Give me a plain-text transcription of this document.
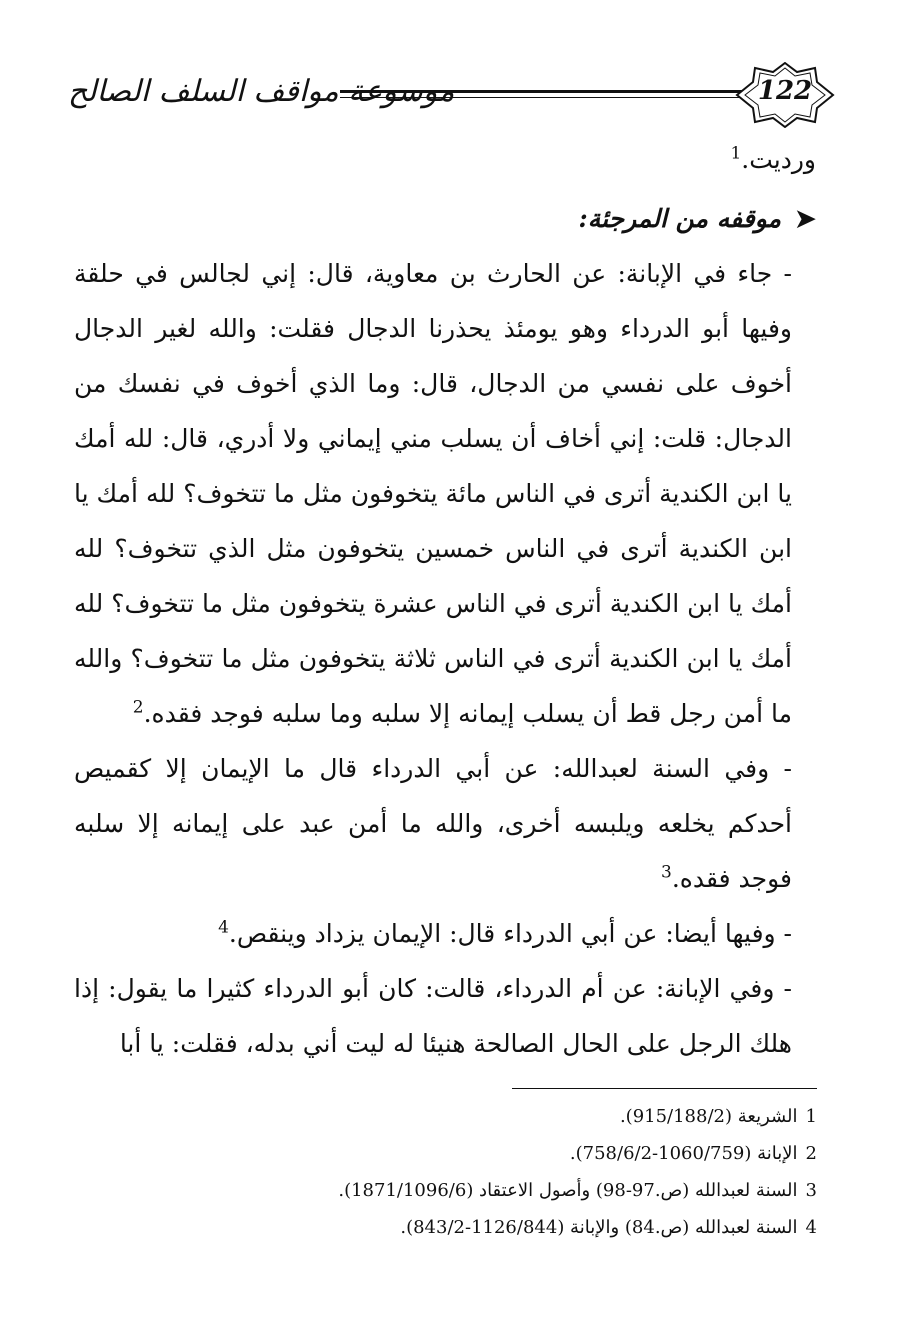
موسوعة مواقف السلف الصالح	122

ورديت.$^1$

➤موقفه من المرجئة:

- جاء في الإبانة: عن الحارث بن معاوية، قال: إني لجالس في حلقة وفيها أبو الدرداء وهو يومئذ يحذرنا الدجال فقلت: والله لغير الدجال أخوف على نفسي من الدجال، قال: وما الذي أخوف في نفسك من الدجال: قلت: إني أخاف أن يسلب مني إيماني ولا أدري، قال: لله أمك يا ابن الكندية أترى في الناس مائة يتخوفون مثل ما تتخوف؟ لله أمك يا ابن الكندية أترى في الناس خمسين يتخوفون مثل الذي تتخوف؟ لله أمك يا ابن الكندية أترى في الناس عشرة يتخوفون مثل ما تتخوف؟ لله أمك يا ابن الكندية أترى في الناس ثلاثة يتخوفون مثل ما تتخوف؟ والله ما أمن رجل قط أن يسلب إيمانه إلا سلبه وما سلبه فوجد فقده.$^2$

- وفي السنة لعبدالله: عن أبي الدرداء قال ما الإيمان إلا كقميص أحدكم يخلعه ويلبسه أخرى، والله ما أمن عبد على إيمانه إلا سلبه فوجد فقده.$^3$

- وفيها أيضا: عن أبي الدرداء قال: الإيمان يزداد وينقص.$^4$

- وفي الإبانة: عن أم الدرداء، قالت: كان أبو الدرداء كثيرا ما يقول: إذا هلك الرجل على الحال الصالحة هنيئا له ليت أني بدله، فقلت: يا أبا

1الشريعة (915/188/2).
2الإبانة (1060/759-758/6/2).
3السنة لعبدالله (ص.97-98) وأصول الاعتقاد (1871/1096/6).
4السنة لعبدالله (ص.84) والإبانة (1126/844-843/2).
